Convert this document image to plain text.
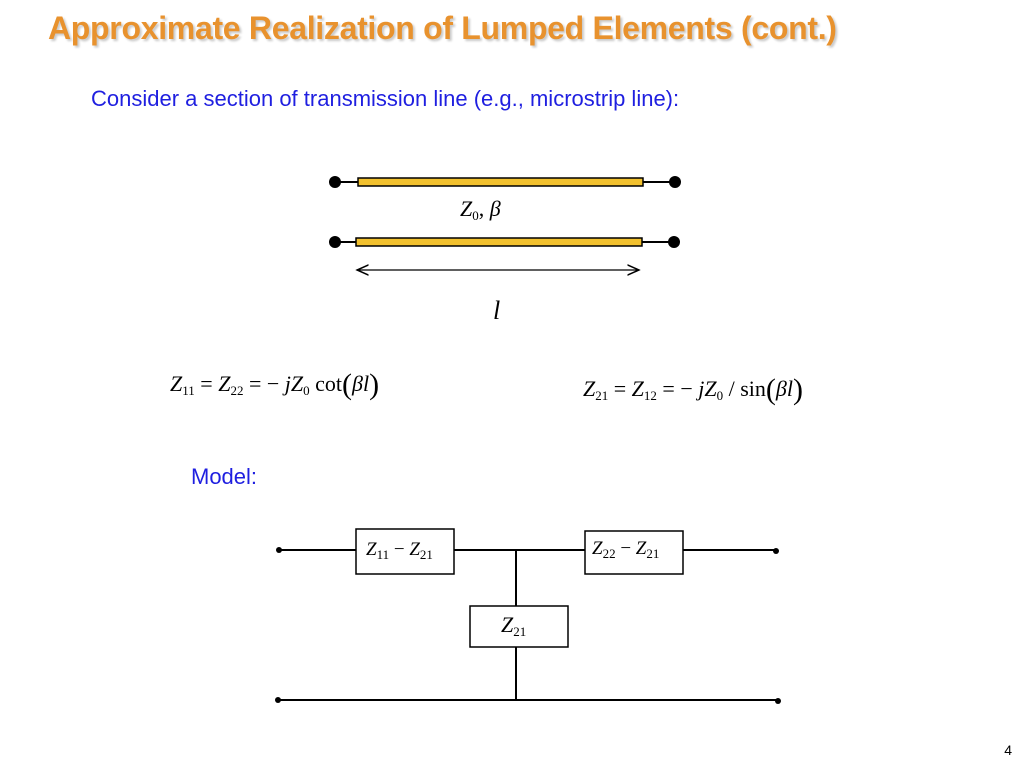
Approximate Realization of Lumped Elements (cont.)
Consider a section of transmission line (e.g., microstrip line):
$Z_0$, β
l
$Z_{11} = Z_{22}$ = − $jZ_0$ cot(βl)	$Z_{21} = Z_{12}$ = − $jZ_0 / \sin(\beta l)$
Model:
$Z_{11} - Z_{21}$	$Z_{22} - Z_{21}$
$Z_{21}$
4
